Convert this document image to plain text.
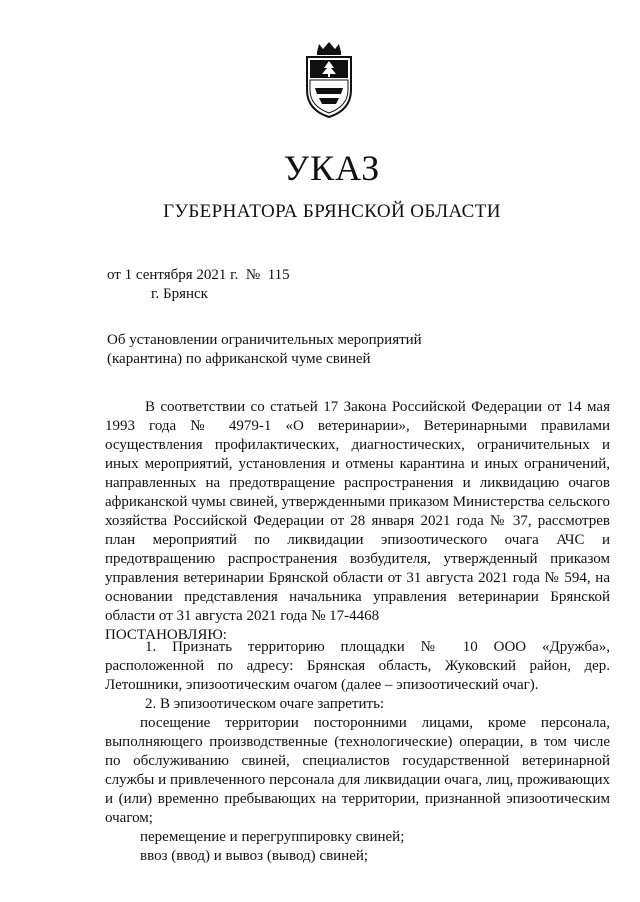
УКАЗ
ГУБЕРНАТОРА БРЯНСКОЙ ОБЛАСТИ
от 1 сентября 2021 г.  №  115
г. Брянск
Об установлении ограничительных мероприятий
(карантина) по африканской чуме свиней

В соответствии со статьей 17 Закона Российской Федерации от 14 мая 1993 года № 4979-1 «О ветеринарии», Ветеринарными правилами осуществления профилактических, диагностических, ограничительных и иных мероприятий, установления и отмены карантина и иных ограничений, направленных на предотвращение распространения и ликвидацию очагов африканской чумы свиней, утвержденными приказом Министерства сельского хозяйства Российской Федерации от 28 января 2021 года № 37, рассмотрев план мероприятий по ликвидации эпизоотического очага АЧС и предотвращению распространения возбудителя, утвержденный приказом управления ветеринарии Брянской области от 31 августа 2021 года № 594, на основании представления начальника управления ветеринарии Брянской области от 31 августа 2021 года № 17-4468

ПОСТАНОВЛЯЮ:

1. Признать территорию площадки № 10 ООО «Дружба», расположенной по адресу: Брянская область, Жуковский район, дер. Летошники, эпизоотическим очагом (далее – эпизоотический очаг).

2. В эпизоотическом очаге запретить:

посещение территории посторонними лицами, кроме персонала, выполняющего производственные (технологические) операции, в том числе по обслуживанию свиней, специалистов государственной ветеринарной службы и привлеченного персонала для ликвидации очага, лиц, проживающих и (или) временно пребывающих на территории, признанной эпизоотическим очагом;

перемещение и перегруппировку свиней;

ввоз (ввод) и вывоз (вывод) свиней;
